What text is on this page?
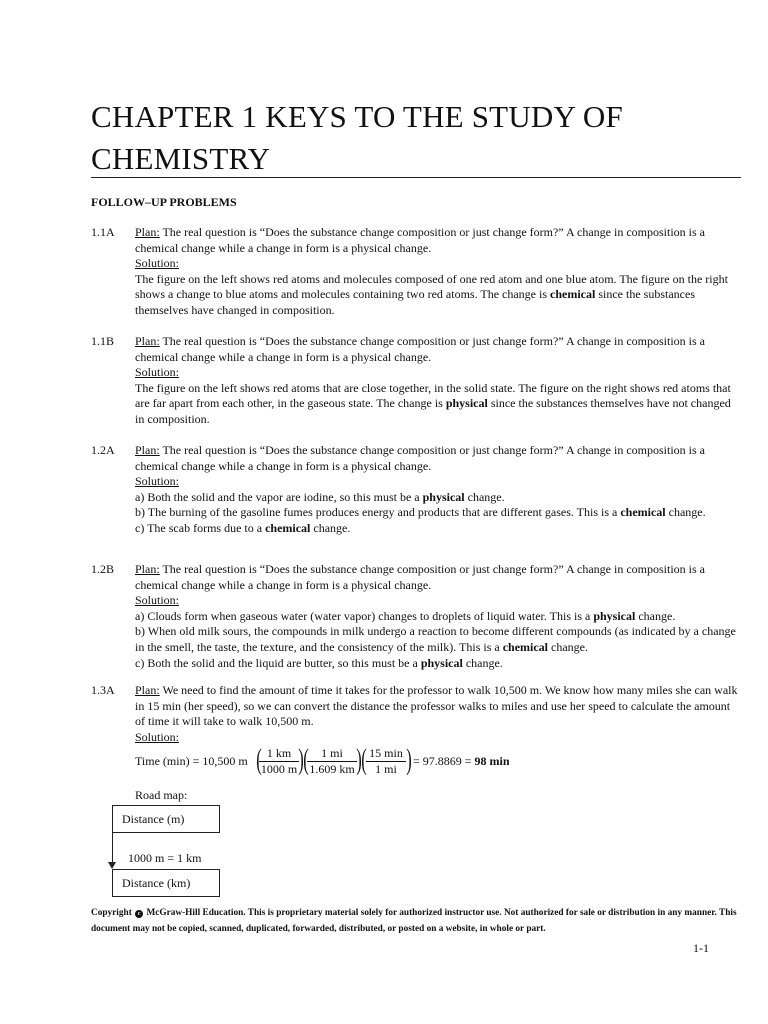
CHAPTER 1 KEYS TO THE STUDY OF CHEMISTRY
FOLLOW–UP PROBLEMS
1.1A	Plan: The real question is “Does the substance change composition or just change form?” A change in composition is a chemical change while a change in form is a physical change.

Solution:

The figure on the left shows red atoms and molecules composed of one red atom and one blue atom. The figure on the right shows a change to blue atoms and molecules containing two red atoms. The change is chemical since the substances themselves have changed in composition.

1.1B	Plan: The real question is “Does the substance change composition or just change form?” A change in composition is a chemical change while a change in form is a physical change.

Solution:

The figure on the left shows red atoms that are close together, in the solid state. The figure on the right shows red atoms that are far apart from each other, in the gaseous state. The change is physical since the substances themselves have not changed in composition.

1.2A	Plan: The real question is “Does the substance change composition or just change form?” A change in composition is a chemical change while a change in form is a physical change.

Solution:

a) Both the solid and the vapor are iodine, so this must be a physical change.

b) The burning of the gasoline fumes produces energy and products that are different gases. This is a chemical change.

c) The scab forms due to a chemical change.

1.2B	Plan: The real question is “Does the substance change composition or just change form?” A change in composition is a chemical change while a change in form is a physical change.

Solution:

a) Clouds form when gaseous water (water vapor) changes to droplets of liquid water. This is a physical change.

b) When old milk sours, the compounds in milk undergo a reaction to become different compounds (as indicated by a change in the smell, the taste, the texture, and the consistency of the milk). This is a chemical change.

c) Both the solid and the liquid are butter, so this must be a physical change.

1.3A	Plan: We need to find the amount of time it takes for the professor to walk 10,500 m. We know how many miles she can walk in 15 min (her speed), so we can convert the distance the professor walks to miles and use her speed to calculate the amount of time it will take to walk 10,500 m.

Solution:

Time (min) = 10,500 m (
$\frac{1 km}{1000 m}$ ) (
$\frac{1 mi}{1.609 km}$ ) ( 15 min
1 mi ) = 97.8869 = 98 min
Road map:
Distance (m)
1000 m = 1 km
Distance (km)
Copyright c McGraw-Hill Education. This is proprietary material solely for authorized instructor use. Not authorized for sale or distribution in any manner. This document may not be copied, scanned, duplicated, forwarded, distributed, or posted on a website, in whole or part.
1-1
